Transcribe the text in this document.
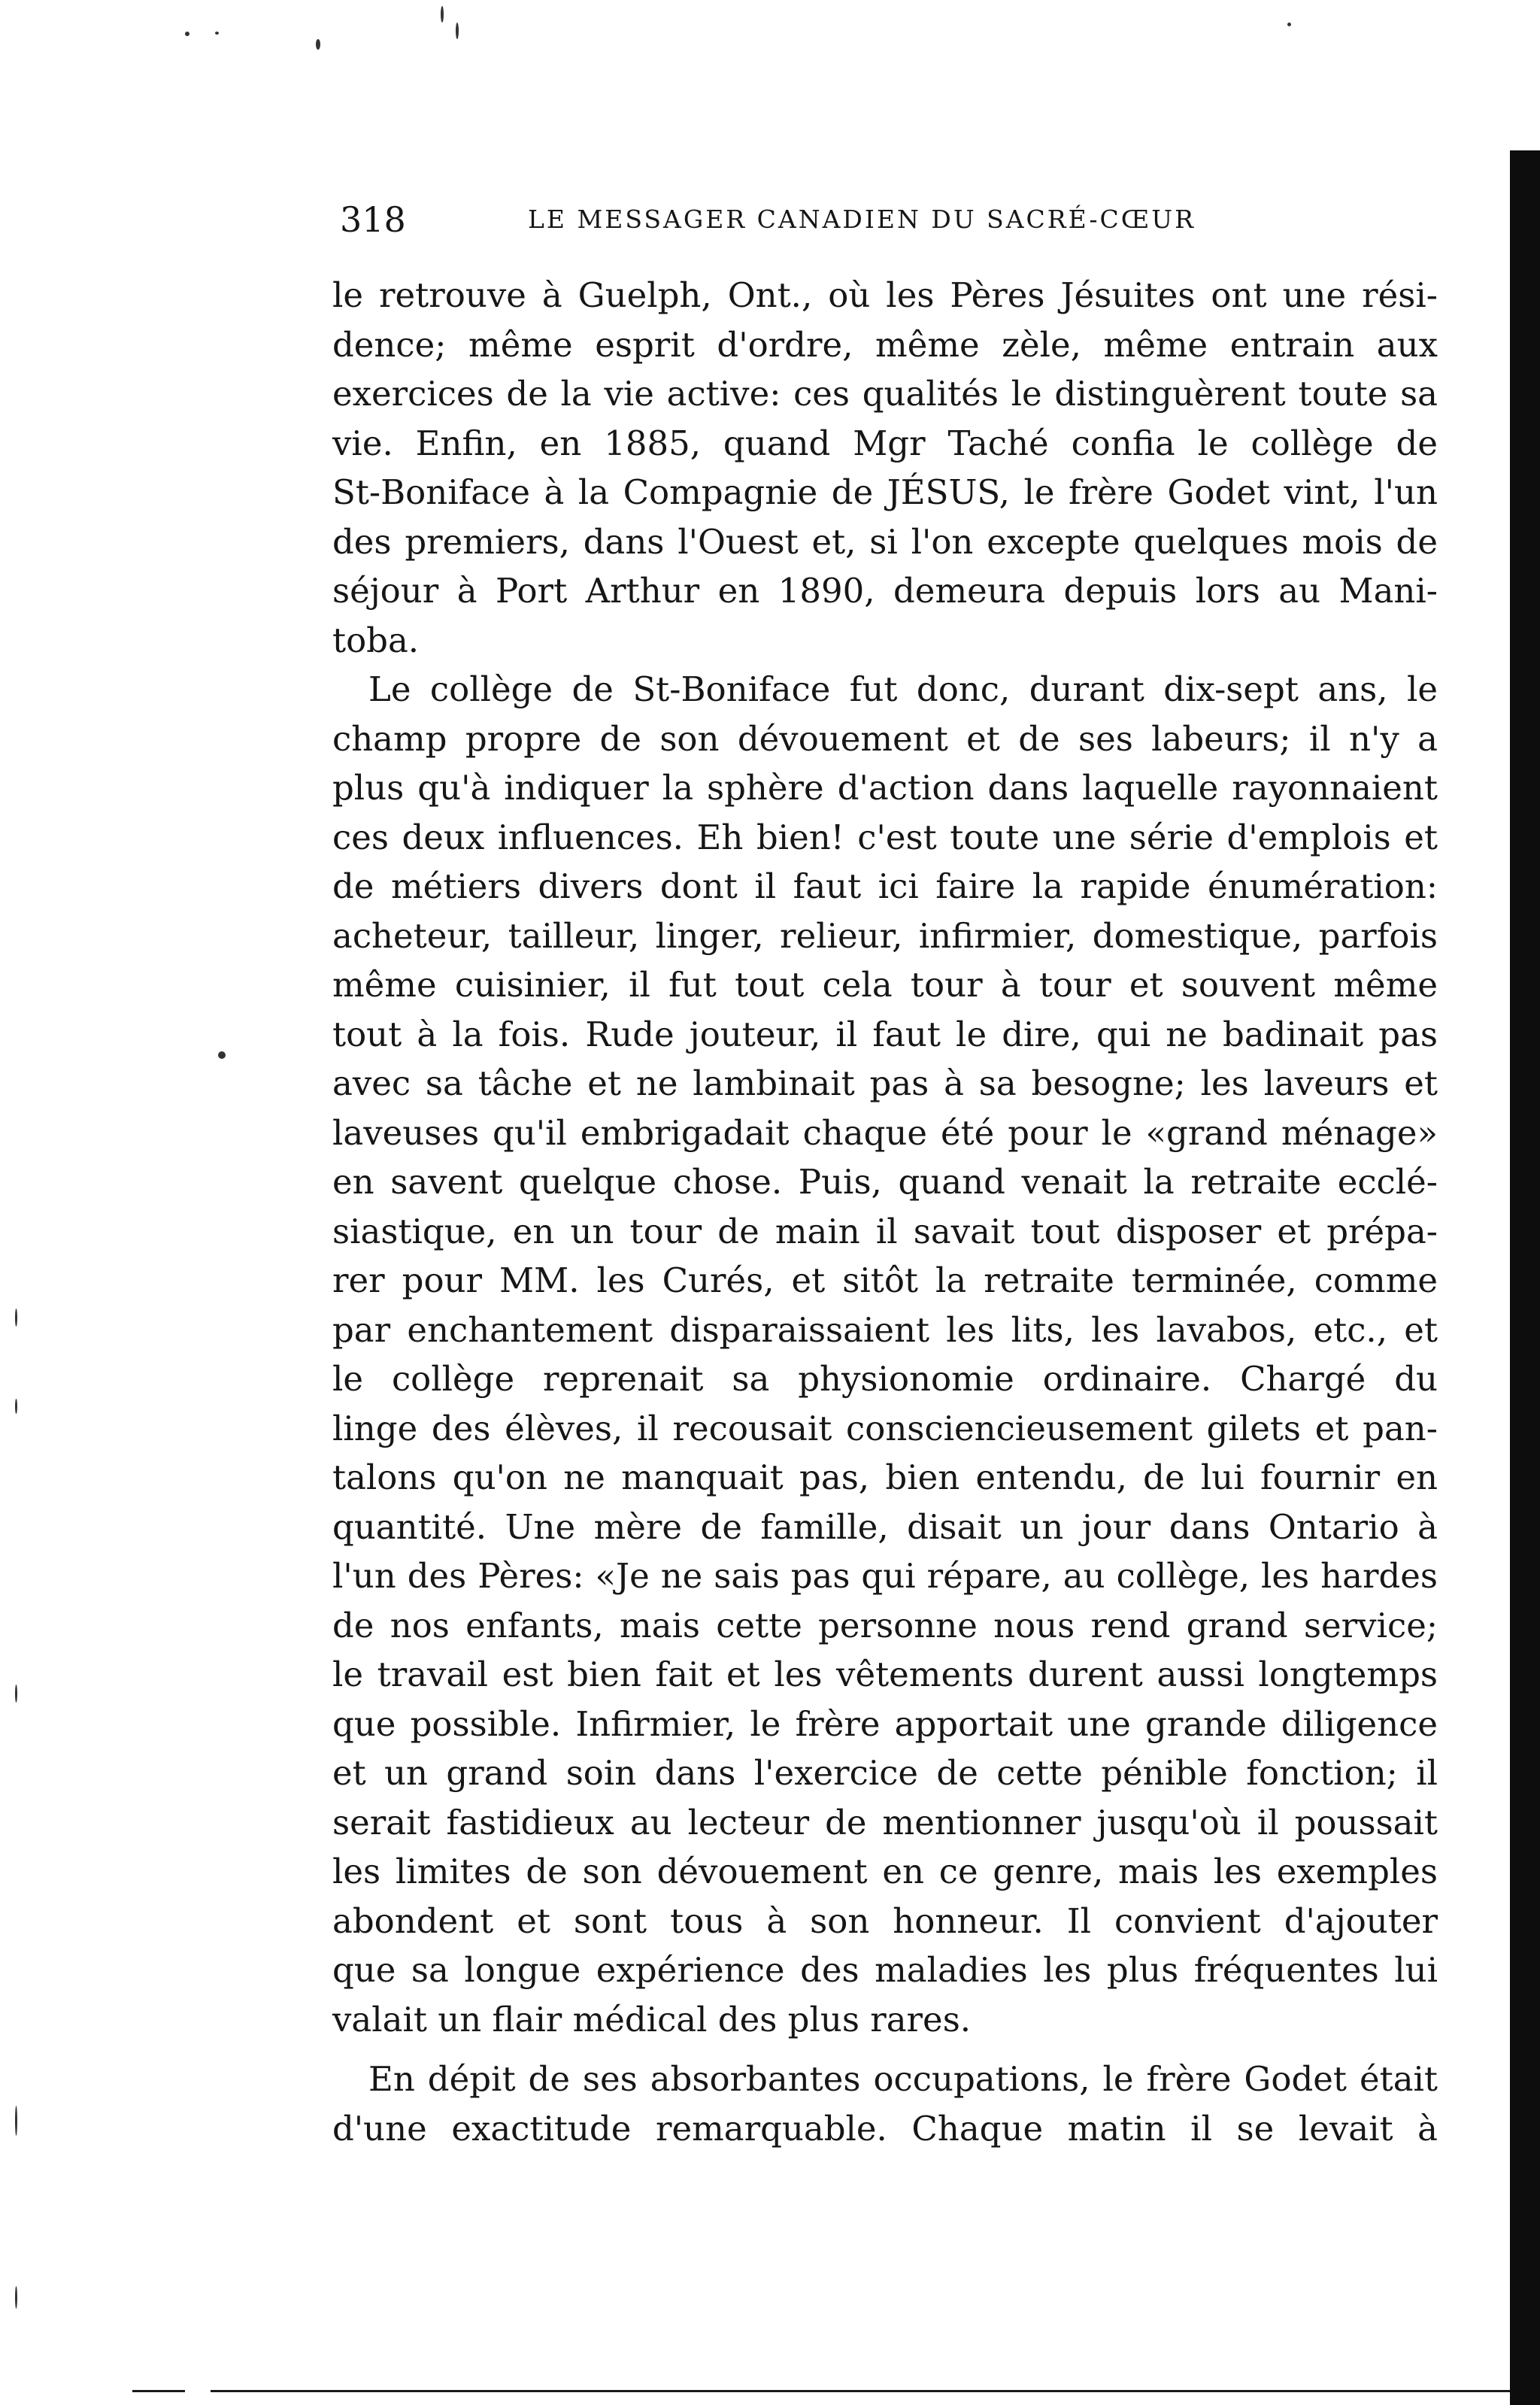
318	LE MESSAGER CANADIEN DU SACRÉ-CŒUR

le retrouve à Guelph, Ont., où les Pères Jésuites ont une rési-
dence; même esprit d'ordre, même zèle, même entrain aux
exercices de la vie active: ces qualités le distinguèrent toute sa
vie. Enfin, en 1885, quand Mgr Taché confia le collège de
St-Boniface à la Compagnie de JÉSUS, le frère Godet vint, l'un
des premiers, dans l'Ouest et, si l'on excepte quelques mois de
séjour à Port Arthur en 1890, demeura depuis lors au Mani-
toba.

Le collège de St-Boniface fut donc, durant dix-sept ans, le
champ propre de son dévouement et de ses labeurs; il n'y a
plus qu'à indiquer la sphère d'action dans laquelle rayonnaient
ces deux influences. Eh bien! c'est toute une série d'emplois et
de métiers divers dont il faut ici faire la rapide énumération:
acheteur, tailleur, linger, relieur, infirmier, domestique, parfois
même cuisinier, il fut tout cela tour à tour et souvent même
tout à la fois. Rude jouteur, il faut le dire, qui ne badinait pas
avec sa tâche et ne lambinait pas à sa besogne; les laveurs et
laveuses qu'il embrigadait chaque été pour le «grand ménage»
en savent quelque chose. Puis, quand venait la retraite ecclé-
siastique, en un tour de main il savait tout disposer et prépa-
rer pour MM. les Curés, et sitôt la retraite terminée, comme
par enchantement disparaissaient les lits, les lavabos, etc., et
le collège reprenait sa physionomie ordinaire. Chargé du
linge des élèves, il recousait consciencieusement gilets et pan-
talons qu'on ne manquait pas, bien entendu, de lui fournir en
quantité. Une mère de famille, disait un jour dans Ontario à
l'un des Pères: «Je ne sais pas qui répare, au collège, les hardes
de nos enfants, mais cette personne nous rend grand service;
le travail est bien fait et les vêtements durent aussi longtemps
que possible. Infirmier, le frère apportait une grande diligence
et un grand soin dans l'exercice de cette pénible fonction; il
serait fastidieux au lecteur de mentionner jusqu'où il poussait
les limites de son dévouement en ce genre, mais les exemples
abondent et sont tous à son honneur. Il convient d'ajouter
que sa longue expérience des maladies les plus fréquentes lui
valait un flair médical des plus rares.

En dépit de ses absorbantes occupations, le frère Godet était
d'une exactitude remarquable. Chaque matin il se levait à
